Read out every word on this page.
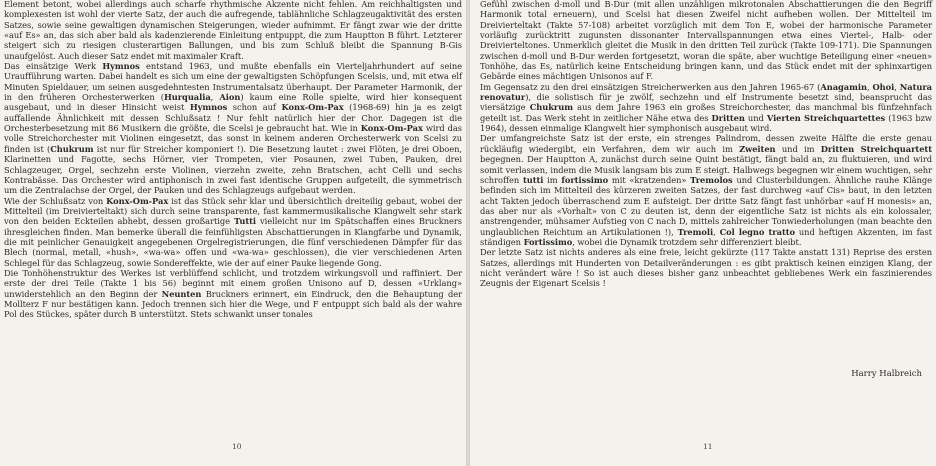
Element betont, wobei allerdings auch scharfe rhythmische Akzente nicht fehlen. Am reichhaltigsten und komplexesten ist wohl der vierte Satz, der auch die aufregende, tablähnliche Schlagzeugaktivität des ersten Satzes, sowie seine gewaltigen dynamischen Steigerungen, wieder aufnimmt. Er fängt zwar wie der dritte «auf Es» an, das sich aber bald als kadenzierende Einleitung entpuppt, die zum Hauptton B führt. Letzterer steigert sich zu riesigen clusterartigen Ballungen, und bis zum Schluß bleibt die Spannung B-Gis unaufgelöst. Auch dieser Satz endet mit maximaler Kraft.

Das einsätzige Werk Hymnos entstand 1963, und mußte ebenfalls ein Vierteljahrhundert auf seine Uraufführung warten. Dabei handelt es sich um eine der gewaltigsten Schöpfungen Scelsis, und, mit etwa elf Minuten Spieldauer, um seinen ausgedehntesten Instrumentalsatz überhaupt. Der Parameter Harmonik, der in den früheren Orchesterwerken (Hurqualia, Aion) kaum eine Rolle spielte, wird hier konsequent ausgebaut, und in dieser Hinsicht weist Hymnos schon auf Konx-Om-Pax (1968-69) hin ja es zeigt auffallende Ähnlichkeit mit dessen Schlußsatz ! Nur fehlt natürlich hier der Chor. Dagegen ist die Orchesterbesetzung mit 86 Musikern die größte, die Scelsi je gebraucht hat. Wie in Konx-Om-Pax wird das volle Streichorchester mit Violinen eingesetzt, das sonst in keinem anderen Orchesterwerk von Scelsi zu finden ist (Chukrum ist nur für Streicher komponiert !). Die Besetzung lautet : zwei Flöten, je drei Oboen, Klarinetten und Fagotte, sechs Hörner, vier Trompeten, vier Posaunen, zwei Tuben, Pauken, drei Schlagzeuger, Orgel, sechzehn erste Violinen, vierzehn zweite, zehn Bratschen, acht Celli und sechs Kontrabässe. Das Orchester wird antiphonisch in zwei fast identische Gruppen aufgeteilt, die symmetrisch um die Zentralachse der Orgel, der Pauken und des Schlagzeugs aufgebaut werden.

Wie der Schlußsatz von Konx-Om-Pax ist das Stück sehr klar und übersichtlich dreiteilig gebaut, wobei der Mittelteil (im Dreivierteltakt) sich durch seine transparente, fast kammermusikalische Klangwelt sehr stark von den beiden Eckteilen abhebt, dessen großartige Tutti vielleicht nur im Spätschaffen eines Bruckners ihresgleichen finden. Man bemerke überall die feinfühligsten Abschattierungen in Klangfarbe und Dynamik, die mit peinlicher Genauigkeit angegebenen Orgelregistrierungen, die fünf verschiedenen Dämpfer für das Blech (normal, metall, «hush», «wa-wa» offen und «wa-wa» geschlossen), die vier verschiedenen Arten Schlegel für das Schlagzeug, sowie Sondereffekte, wie der auf einer Pauke liegende Gong.

Die Tonhöhenstruktur des Werkes ist verblüffend schlicht, und trotzdem wirkungsvoll und raffiniert. Der erste der drei Teile (Takte 1 bis 56) beginnt mit einem großen Unisono auf D, dessen «Urklang» unwiderstehlich an den Beginn der Neunten Bruckners erinnert, ein Eindruck, den die Behauptung der Mollterz F nur bestätigen kann. Jedoch trennen sich hier die Wege, und F entpuppt sich bald als der wahre Pol des Stückes, später durch B unterstützt. Stets schwankt unser tonales

10

Gefühl zwischen d-moll und B-Dur (mit allen unzähligen mikrotonalen Abschattierungen die den Begriff Harmonik total erneuern), und Scelsi hat diesen Zweifel nicht aufheben wollen. Der Mittelteil im Dreivierteltakt (Takte 57-108) arbeitet vorzüglich mit dem Ton E, wobei der harmonische Parameter vorläufig zurücktritt zugunsten dissonanter Intervallspannungen etwa eines Viertel-, Halb- oder Dreivierteltones. Unmerklich gleitet die Musik in den dritten Teil zurück (Takte 109-171). Die Spannungen zwischen d-moll und B-Dur werden fortgesetzt, woran die späte, aber wuchtige Beteiligung einer «neuen» Tonhöhe, das Es, natürlich keine Entscheidung bringen kann, und das Stück endet mit der sphinxartigen Gebärde eines mächtigen Unisonos auf F.

Im Gegensatz zu den drei einsätzigen Streicherwerken aus den Jahren 1965-67 (Anagamin, Ohoi, Natura renovatur), die solistisch für je zwölf, sechzehn und elf Instrumente besetzt sind, beansprucht das viersätzige Chukrum aus dem Jahre 1963 ein großes Streichorchester, das manchmal bis fünfzehnfach geteilt ist. Das Werk steht in zeitlicher Nähe etwa des Dritten und Vierten Streichquartettes (1963 bzw 1964), dessen einmalige Klangwelt hier symphonisch ausgebaut wird.

Der umfangreichste Satz ist der erste, ein strenges Palindrom, dessen zweite Hälfte die erste genau rückläufig wiedergibt, ein Verfahren, dem wir auch im Zweiten und im Dritten Streichquartett begegnen. Der Hauptton A, zunächst durch seine Quint bestätigt, fängt bald an, zu fluktuieren, und wird somit verlassen, indem die Musik langsam bis zum E steigt. Halbwegs begegnen wir einem wuchtigen, sehr schroffen tutti im fortissimo mit «kratzenden» Tremolos und Clusterbildungen. Ähnliche rauhe Klänge befinden sich im Mittelteil des kürzeren zweiten Satzes, der fast durchweg «auf Cis» baut, in den letzten acht Takten jedoch überraschend zum E aufsteigt. Der dritte Satz fängt fast unhörbar «auf H monesis» an, das aber nur als «Vorhalt» von C zu deuten ist, denn der eigentliche Satz ist nichts als ein kolossaler, anstrengender, mühsamer Aufstieg von C nach D, mittels zahlreicher Tonwiederholungen (man beachte den unglaublichen Reichtum an Artikulationen !), Tremoli, Col legno tratto und heftigen Akzenten, im fast ständigen Fortissimo, wobei die Dynamik trotzdem sehr differenziert bleibt.

Der letzte Satz ist nichts anderes als eine freie, leicht gekürzte (117 Takte anstatt 131) Reprise des ersten Satzes, allerdings mit Hunderten von Detailveränderungen : es gibt praktisch keinen einzigen Klang, der nicht verändert wäre ! So ist auch dieses bisher ganz unbeachtet gebliebenes Werk ein faszinierendes Zeugnis der Eigenart Scelsis !

Harry Halbreich
11
